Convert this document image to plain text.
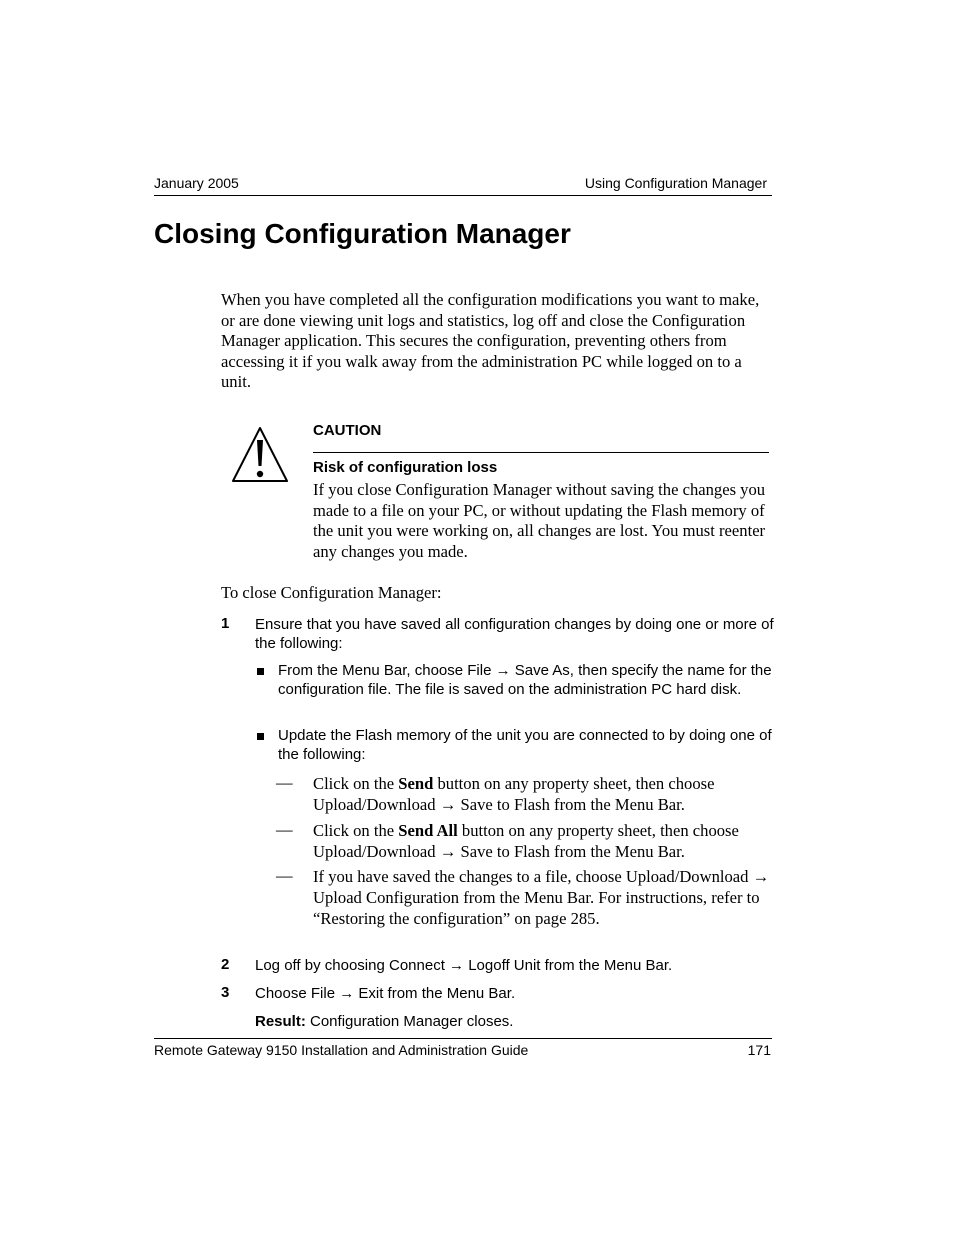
January 2005	Using Configuration Manager
Closing Configuration Manager
When you have completed all the configuration modifications you want to make, or are done viewing unit logs and statistics, log off and close the Configuration Manager application. This secures the configuration, preventing others from accessing it if you walk away from the administration PC while logged on to a unit.
CAUTION
Risk of configuration loss
If you close Configuration Manager without saving the changes you made to a file on your PC, or without updating the Flash memory of the unit you were working on, all changes are lost. You must reenter any changes you made.
To close Configuration Manager:
1 Ensure that you have saved all configuration changes by doing one or more of the following:
From the Menu Bar, choose File → Save As, then specify the name for the configuration file. The file is saved on the administration PC hard disk.
Update the Flash memory of the unit you are connected to by doing one of the following:
— Click on the Send button on any property sheet, then choose Upload/Download → Save to Flash from the Menu Bar.
— Click on the Send All button on any property sheet, then choose Upload/Download → Save to Flash from the Menu Bar.
— If you have saved the changes to a file, choose Upload/Download → Upload Configuration from the Menu Bar. For instructions, refer to “Restoring the configuration” on page 285.
2 Log off by choosing Connect → Logoff Unit from the Menu Bar.
3 Choose File → Exit from the Menu Bar.
Result: Configuration Manager closes.
Remote Gateway 9150 Installation and Administration Guide	171
